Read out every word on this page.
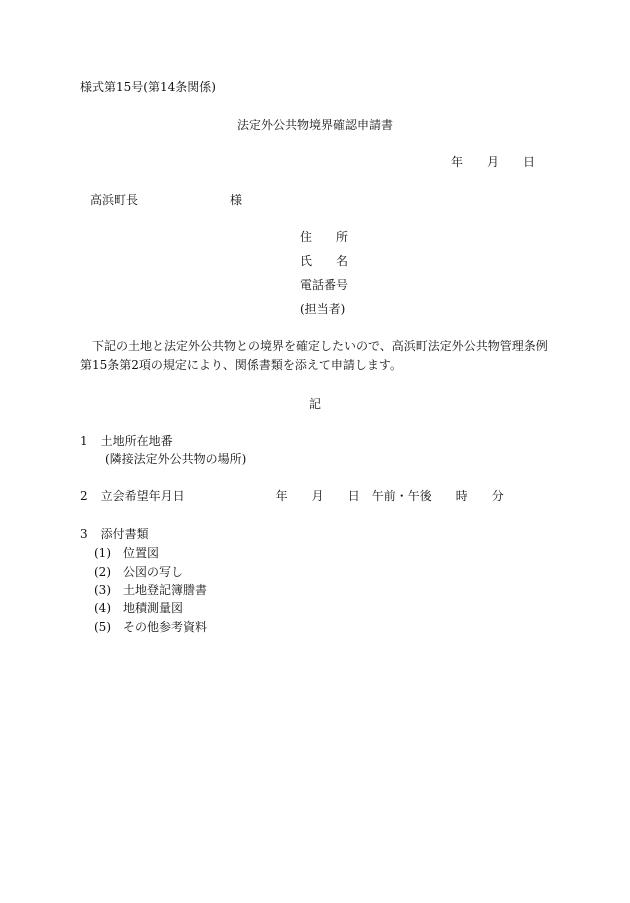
様式第15号(第14条関係)
法定外公共物境界確認申請書
年 月 日
高浜町長	様
住　　所
氏　　名
電話番号
(担当者)
下記の土地と法定外公共物との境界を確定したいので、高浜町法定外公共物管理条例第15条第2項の規定により、関係書類を添えて申請します。
記
1 土地所在地番
(隣接法定外公共物の場所)
2 立会希望年月日	年 月 日 午前・午後 時 分
3 添付書類
(1) 位置図
(2) 公図の写し
(3) 土地登記簿謄書
(4) 地積測量図
(5) その他参考資料
